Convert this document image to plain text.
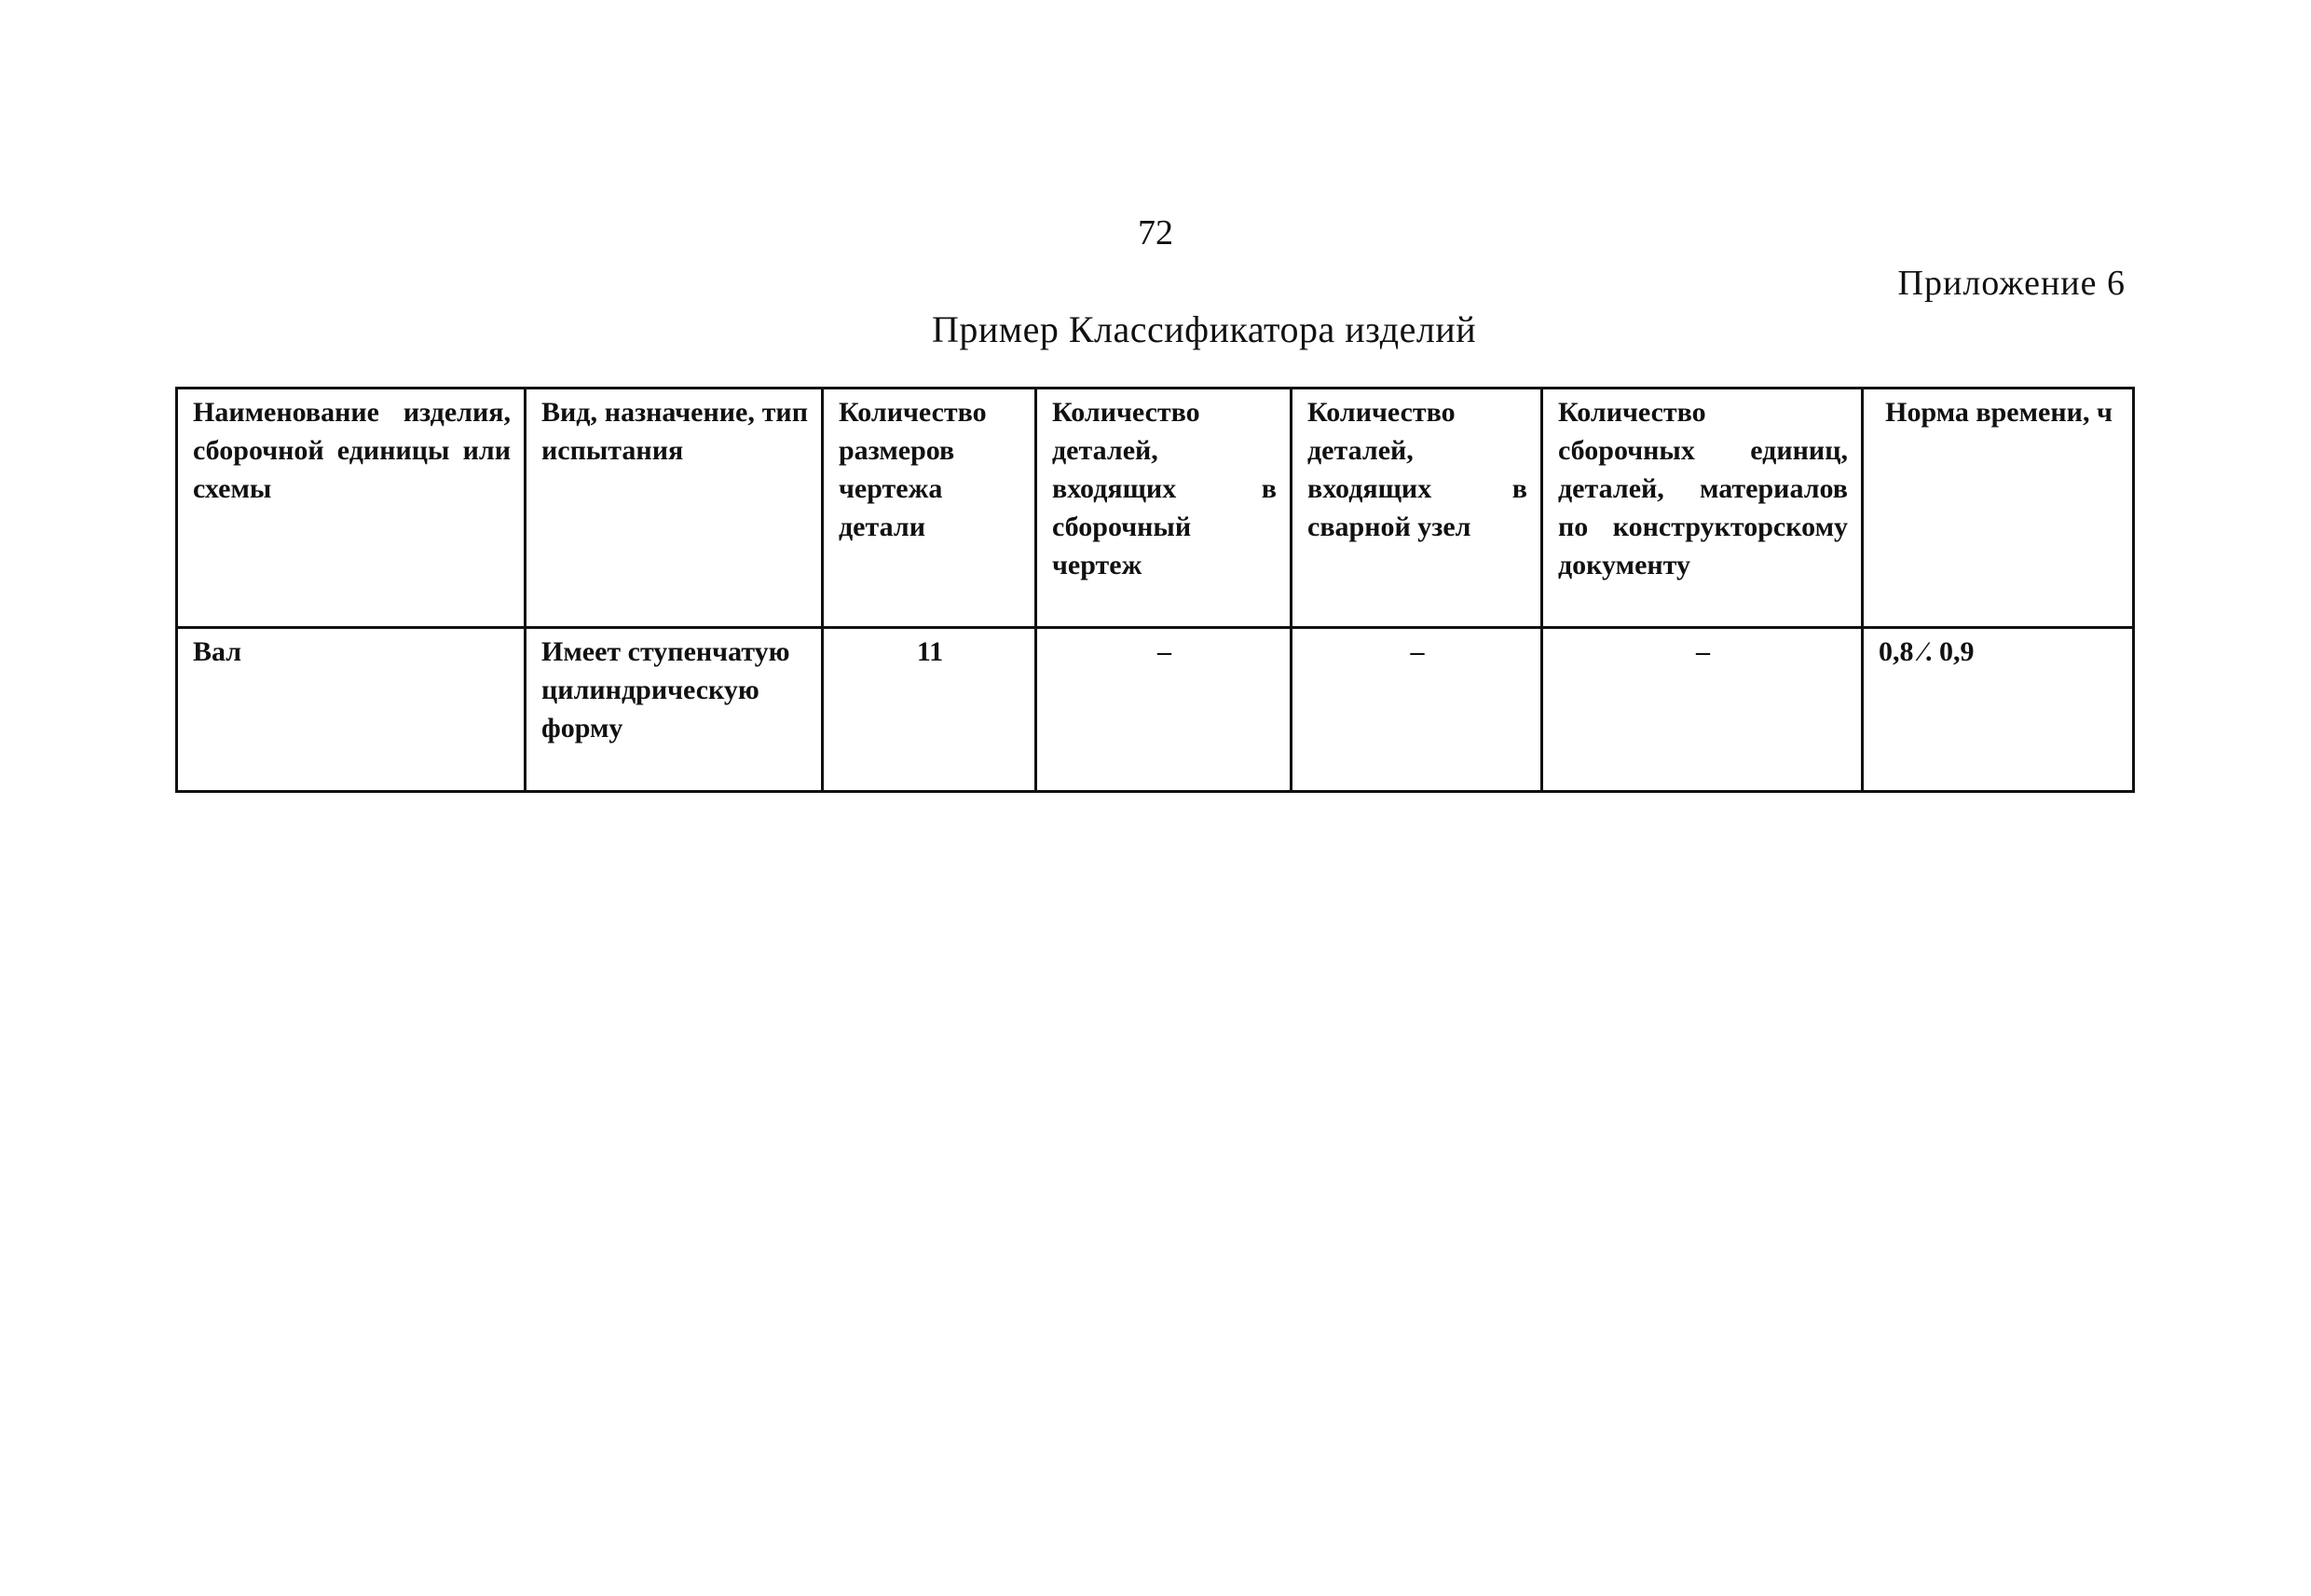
72
Приложение 6
Пример Классификатора изделий
Наименование изделия, сборочной единицы или схемы	Вид, назначение, тип испытания	Количество размеров чертежа детали	Количество деталей, входящих в сборочный чертеж	Количество деталей, входящих в сварной узел	Количество сборочных единиц, деталей, материалов по конструкторскому документу	Норма времени, ч
Вал	Имеет ступенчатую цилиндрическую форму	11	–	–	–	0,8 ⁄. 0,9
